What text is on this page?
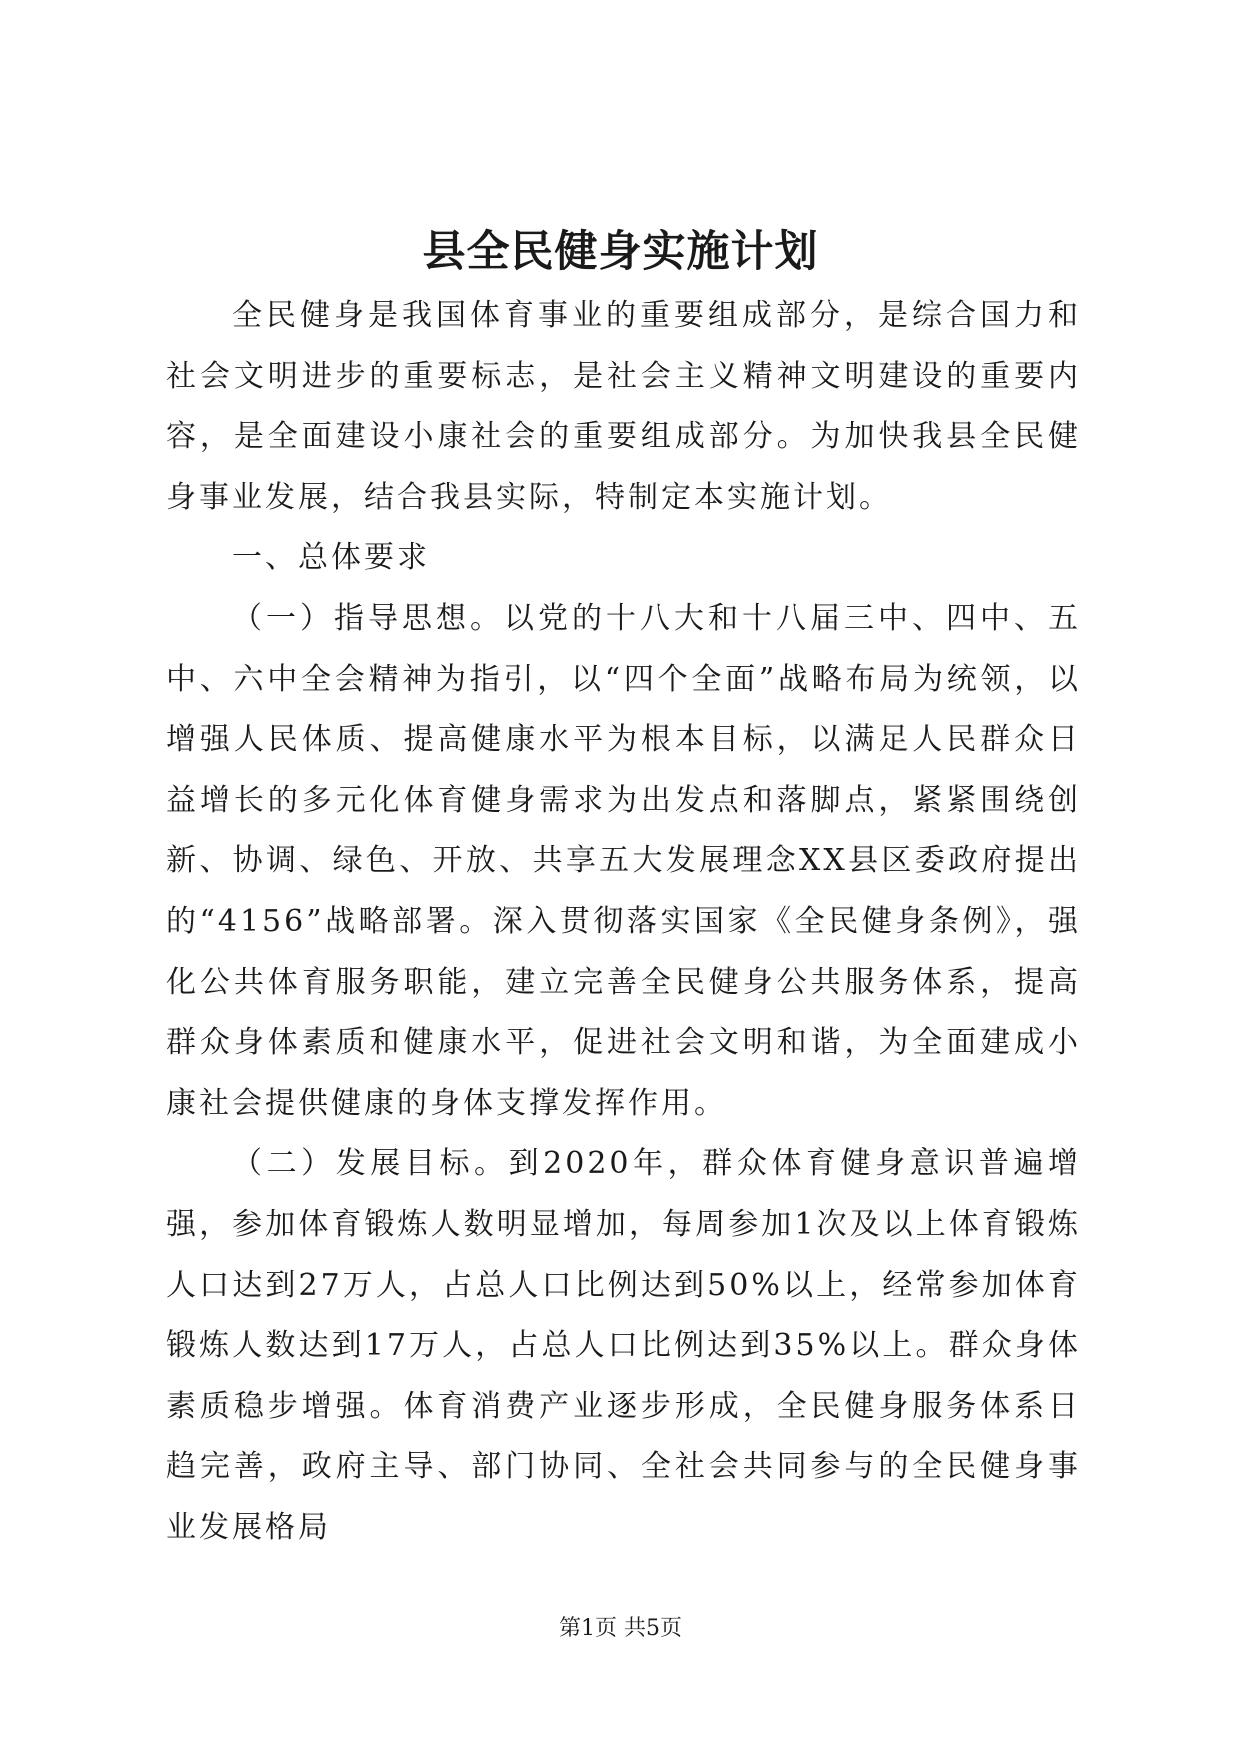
县全民健身实施计划

全民健身是我国体育事业的重要组成部分，是综合国力和社会文明进步的重要标志，是社会主义精神文明建设的重要内容，是全面建设小康社会的重要组成部分。为加快我县全民健身事业发展，结合我县实际，特制定本实施计划。

一、总体要求

（一）指导思想。以党的十八大和十八届三中、四中、五中、六中全会精神为指引，以“四个全面”战略布局为统领，以增强人民体质、提高健康水平为根本目标，以满足人民群众日益增长的多元化体育健身需求为出发点和落脚点，紧紧围绕创新、协调、绿色、开放、共享五大发展理念XX县区委政府提出的“4156”战略部署。深入贯彻落实国家《全民健身条例》，强化公共体育服务职能，建立完善全民健身公共服务体系，提高群众身体素质和健康水平，促进社会文明和谐，为全面建成小康社会提供健康的身体支撑发挥作用。

（二）发展目标。到2020年，群众体育健身意识普遍增强，参加体育锻炼人数明显增加，每周参加1次及以上体育锻炼人口达到27万人，占总人口比例达到50%以上，经常参加体育锻炼人数达到17万人，占总人口比例达到35%以上。群众身体素质稳步增强。体育消费产业逐步形成，全民健身服务体系日趋完善，政府主导、部门协同、全社会共同参与的全民健身事业发展格局

第1页 共5页
